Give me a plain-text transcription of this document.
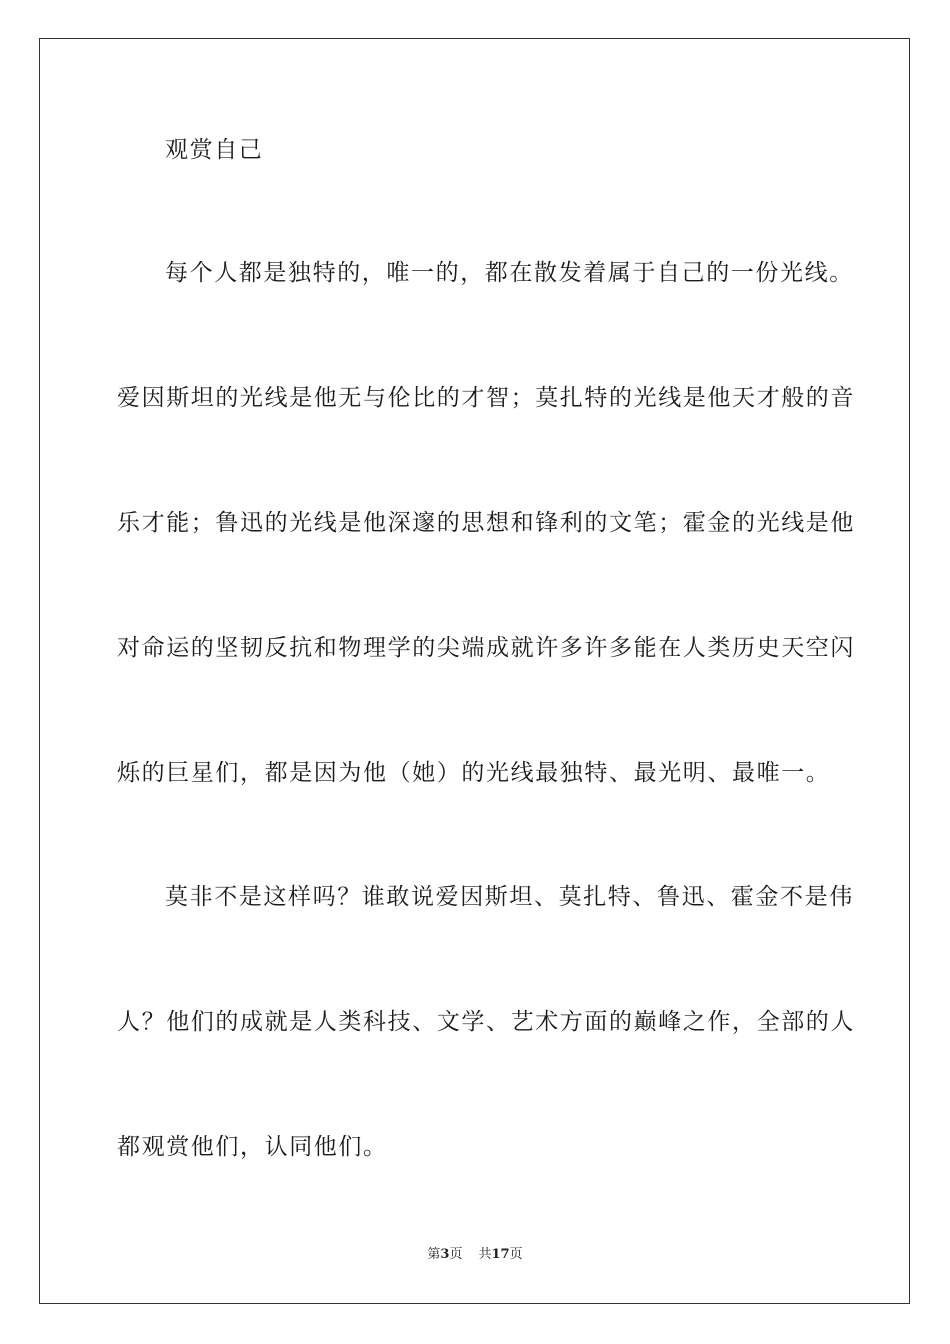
观赏自己
每个人都是独特的，唯一的，都在散发着属于自己的一份光线。
爱因斯坦的光线是他无与伦比的才智；莫扎特的光线是他天才般的音
乐才能；鲁迅的光线是他深邃的思想和锋利的文笔；霍金的光线是他
对命运的坚韧反抗和物理学的尖端成就许多许多能在人类历史天空闪
烁的巨星们，都是因为他（她）的光线最独特、最光明、最唯一。
莫非不是这样吗？谁敢说爱因斯坦、莫扎特、鲁迅、霍金不是伟
人？他们的成就是人类科技、文学、艺术方面的巅峰之作，全部的人
都观赏他们，认同他们。
第3页 共17页
